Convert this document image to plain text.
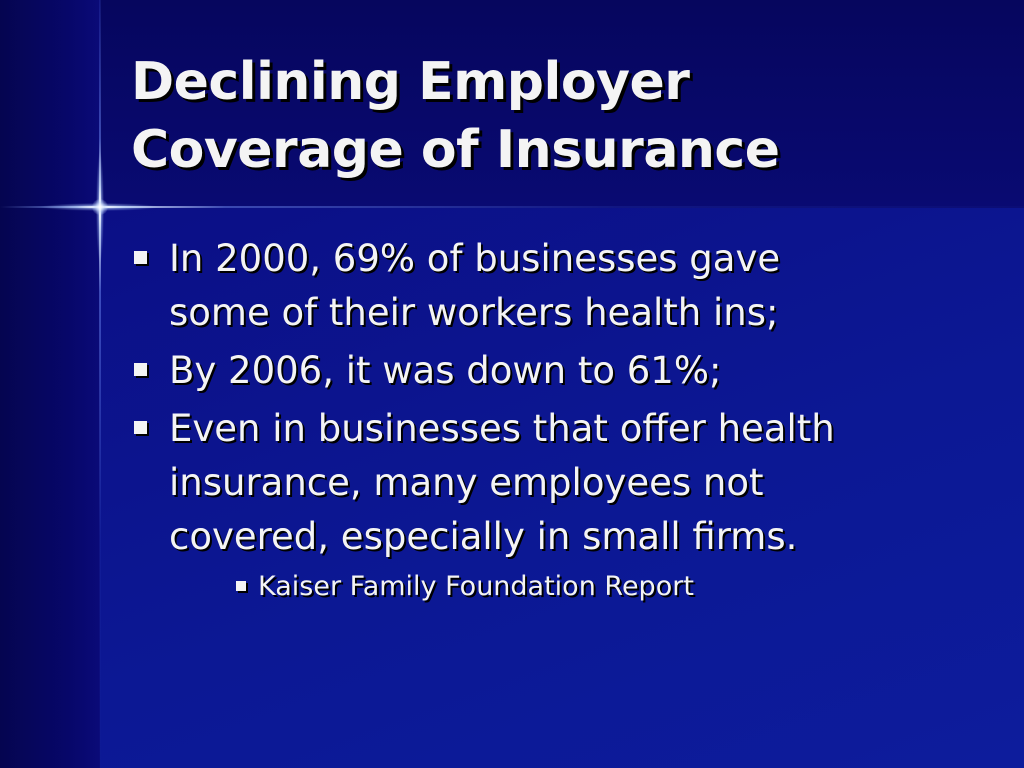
Declining Employer
Coverage of Insurance
In 2000, 69% of businesses gave
some of their workers health ins;
By 2006, it was down to 61%;
Even in businesses that offer health
insurance, many employees not
covered, especially in small firms.
Kaiser Family Foundation Report
